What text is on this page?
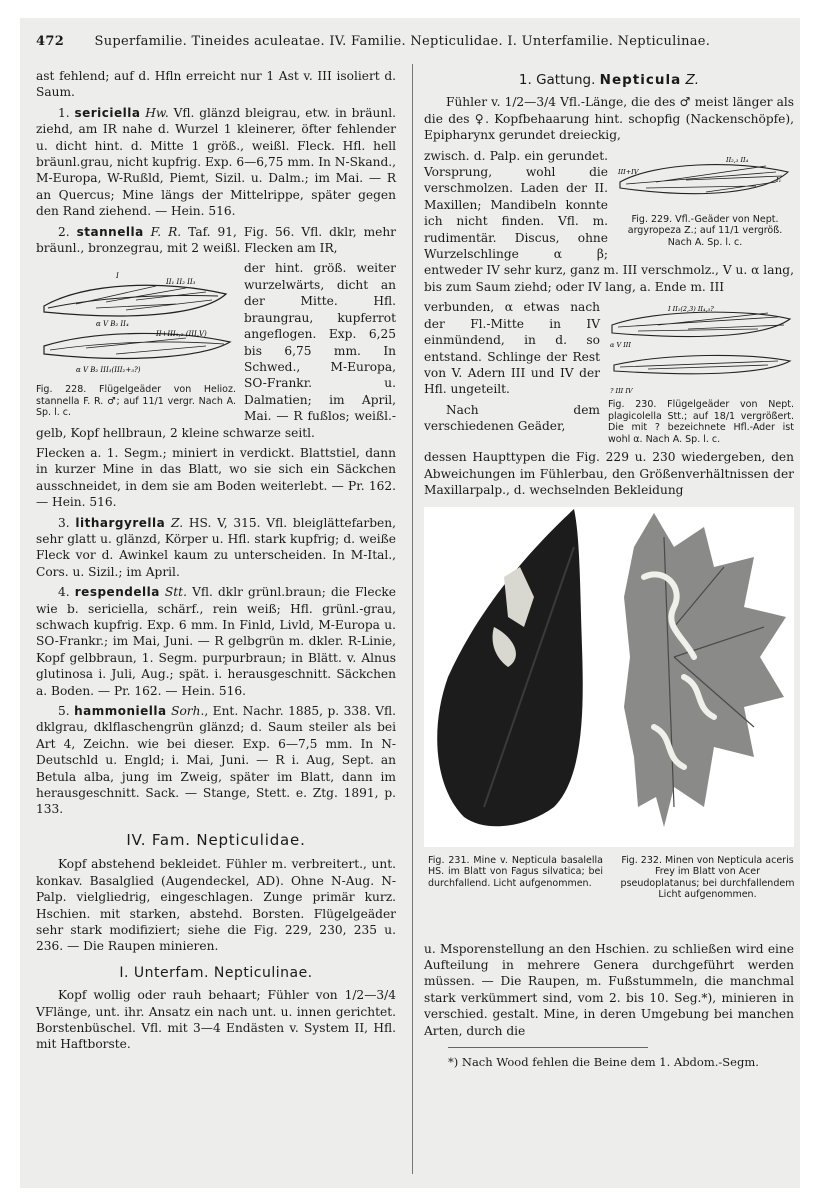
472 Superfamilie. Tineides aculeatae. IV. Familie. Nepticulidae. I. Unterfamilie. Nepticulinae.

ast fehlend; auf d. Hfln erreicht nur 1 Ast v. III isoliert d. Saum.

1. sericiella Hw. Vfl. glänzd bleigrau, etw. in bräunl. ziehd, am IR nahe d. Wurzel 1 kleinerer, öfter fehlender u. dicht hint. d. Mitte 1 größ., weißl. Fleck. Hfl. hell bräunl.grau, nicht kupfrig. Exp. 6—6,75 mm. In N-Skand., M-Europa, W-Rußld, Piemt, Sizil. u. Dalm.; im Mai. — R an Quercus; Mine längs der Mittelrippe, später gegen den Rand ziehend. — Hein. 516.

2. stannella F. R. Taf. 91, Fig. 56. Vfl. dklr, mehr bräunl., bronzegrau, mit 2 weißl. Flecken am IR,

I
II₁ II₂ II₃
α V B₂ II₄
II+III₁,₂ (III,V)
α V B₂ III₃(III₂+₃?)
Fig. 228. Flügelgeäder von Helioz. stannella F. R. ♂; auf 11/1 vergr. Nach A. Sp. l. c.

der hint. größ. weiter wurzelwärts, dicht an der Mitte. Hfl. braungrau, kupferrot angeflogen. Exp. 6,25 bis 6,75 mm. In Schwed., M-Europa, SO-Frankr. u. Dalmatien; im April, Mai. — R fußlos; weißl.-gelb, Kopf hellbraun, 2 kleine schwarze seitl.

Flecken a. 1. Segm.; miniert in verdickt. Blattstiel, dann in kurzer Mine in das Blatt, wo sie sich ein Säckchen ausschneidet, in dem sie am Boden weiterlebt. — Pr. 162. — Hein. 516.

3. lithargyrella Z. HS. V, 315. Vfl. bleiglättefarben, sehr glatt u. glänzd, Körper u. Hfl. stark kupfrig; d. weiße Fleck vor d. Awinkel kaum zu unterscheiden. In M-Ital., Cors. u. Sizil.; im April.

4. respendella Stt. Vfl. dklr grünl.braun; die Flecke wie b. sericiella, schärf., rein weiß; Hfl. grünl.-grau, schwach kupfrig. Exp. 6 mm. In Finld, Livld, M-Europa u. SO-Frankr.; im Mai, Juni. — R gelbgrün m. dkler. R-Linie, Kopf gelbbraun, 1. Segm. purpurbraun; in Blätt. v. Alnus glutinosa i. Juli, Aug.; spät. i. herausgeschnitt. Säckchen a. Boden. — Pr. 162. — Hein. 516.

5. hammoniella Sorh., Ent. Nachr. 1885, p. 338. Vfl. dklgrau, dklflaschengrün glänzd; d. Saum steiler als bei Art 4, Zeichn. wie bei dieser. Exp. 6—7,5 mm. In N-Deutschld u. Engld; i. Mai, Juni. — R i. Aug, Sept. an Betula alba, jung im Zweig, später im Blatt, dann im herausgeschnitt. Sack. — Stange, Stett. e. Ztg. 1891, p. 133.

IV. Fam. Nepticulidae.

Kopf abstehend bekleidet. Fühler m. verbreitert., unt. konkav. Basalglied (Augendeckel, AD). Ohne N-Aug. N-Palp. vielgliedrig, eingeschlagen. Zunge primär kurz. Hschien. mit starken, abstehd. Borsten. Flügelgeäder sehr stark modifiziert; siehe die Fig. 229, 230, 235 u. 236. — Die Raupen minieren.

I. Unterfam. Nepticulinae.

Kopf wollig oder rauh behaart; Fühler von 1/2—3/4 VFlänge, unt. ihr. Ansatz ein nach unt. u. innen gerichtet. Borstenbüschel. Vfl. mit 3—4 Endästen v. System II, Hfl. mit Haftborste.

1. Gattung. Nepticula Z.

Fühler v. 1/2—3/4 Vfl.-Länge, die des ♂ meist länger als die des ♀. Kopfbehaarung hint. schopfig (Nackenschöpfe), Epipharynx gerundet dreieckig,

II₂,₃ II₄
III+IV
I₁
Fig. 229. Vfl.-Geäder von Nept. argyropeza Z.; auf 11/1 vergröß. Nach A. Sp. l. c.

zwisch. d. Palp. ein gerundet. Vorsprung, wohl die verschmolzen. Laden der II. Maxillen; Mandibeln konnte ich nicht finden. Vfl. m. rudimentär. Discus, ohne Wurzelschlinge α β; entweder IV sehr kurz, ganz m. III verschmolz., V u. α lang, bis zum Saum ziehd; oder IV lang, a. Ende m. III

I II₁(2,3) II₄,₅?
α V III
? III IV
Fig. 230. Flügelgeäder von Nept. plagicolella Stt.; auf 18/1 vergrößert. Die mit ? bezeichnete Hfl.-Ader ist wohl α. Nach A. Sp. l. c.

verbunden, α etwas nach der Fl.-Mitte in IV einmündend, in d. so entstand. Schlinge der Rest von V. Adern III und IV der Hfl. ungeteilt.

Nach dem verschiedenen Geäder,

dessen Haupttypen die Fig. 229 u. 230 wiedergeben, den Abweichungen im Fühlerbau, den Größenverhältnissen der Maxillarpalp., d. wechselnden Bekleidung

Fig. 231. Mine v. Nepticula basalella HS. im Blatt von Fagus silvatica; bei durchfallend. Licht aufgenommen.
Fig. 232. Minen von Nepticula aceris Frey im Blatt von Acer pseudoplatanus; bei durchfallendem Licht aufgenommen.

u. Msporenstellung an den Hschien. zu schließen wird eine Aufteilung in mehrere Genera durchgeführt werden müssen. — Die Raupen, m. Fußstummeln, die manchmal stark verkümmert sind, vom 2. bis 10. Seg.*), minieren in verschied. gestalt. Mine, in deren Umgebung bei manchen Arten, durch die

*) Nach Wood fehlen die Beine dem 1. Abdom.-Segm.
